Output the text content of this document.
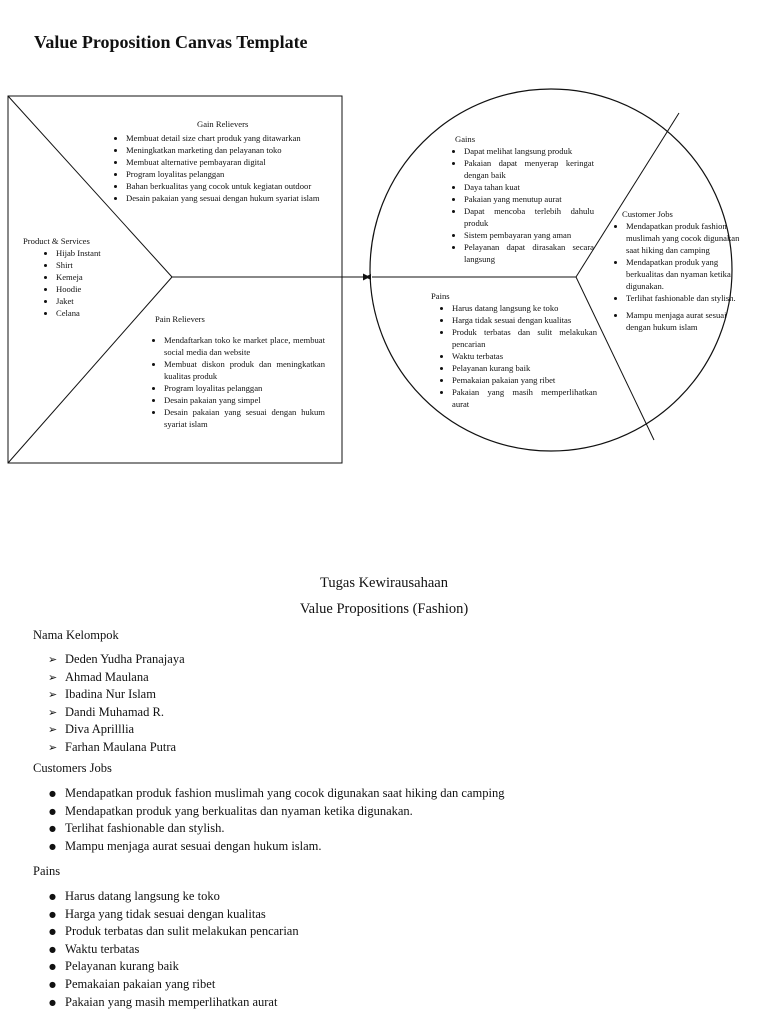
Value Proposition Canvas Template
Gain Relievers
• Membuat detail size chart produk yang ditawarkan
• Meningkatkan marketing dan pelayanan toko
• Membuat alternative pembayaran digital
• Program loyalitas pelanggan
• Bahan berkualitas yang cocok untuk kegiatan outdoor
• Desain pakaian yang sesuai dengan hukum syariat islam
Product & Services
• Hijab Instant
• Shirt
• Kemeja
• Hoodie
• Jaket
• Celana
Pain Relievers
• Mendaftarkan toko ke market place, membuat social media dan website
• Membuat diskon produk dan meningkatkan kualitas produk
• Program loyalitas pelanggan
• Desain pakaian yang simpel
• Desain pakaian yang sesuai dengan hukum syariat islam
Gains
• Dapat melihat langsung produk
• Pakaian dapat menyerap keringat dengan baik
• Daya tahan kuat
• Pakaian yang menutup aurat
• Dapat mencoba terlebih dahulu produk
• Sistem pembayaran yang aman
• Pelayanan dapat dirasakan secara langsung
Customer Jobs
• Mendapatkan produk fashion muslimah yang cocok digunakan saat hiking dan camping
• Mendapatkan produk yang berkualitas dan nyaman ketika digunakan.
• Terlihat fashionable dan stylish.
• Mampu menjaga aurat sesuai dengan hukum islam
Pains
• Harus datang langsung ke toko
• Harga tidak sesuai dengan kualitas
• Produk terbatas dan sulit melakukan pencarian
• Waktu terbatas
• Pelayanan kurang baik
• Pemakaian pakaian yang ribet
• Pakaian yang masih memperlihatkan aurat
Tugas Kewirausahaan
Value Propositions (Fashion)
Nama Kelompok
➢ Deden Yudha Pranajaya
➢ Ahmad Maulana
➢ Ibadina Nur Islam
➢ Dandi Muhamad R.
➢ Diva Aprilllia
➢ Farhan Maulana Putra
Customers Jobs
● Mendapatkan produk fashion muslimah yang cocok digunakan saat hiking dan camping
● Mendapatkan produk yang berkualitas dan nyaman ketika digunakan.
● Terlihat fashionable dan stylish.
● Mampu menjaga aurat sesuai dengan hukum islam.
Pains
● Harus datang langsung ke toko
● Harga yang tidak sesuai dengan kualitas
● Produk terbatas dan sulit melakukan pencarian
● Waktu terbatas
● Pelayanan kurang baik
● Pemakaian pakaian yang ribet
● Pakaian yang masih memperlihatkan aurat
